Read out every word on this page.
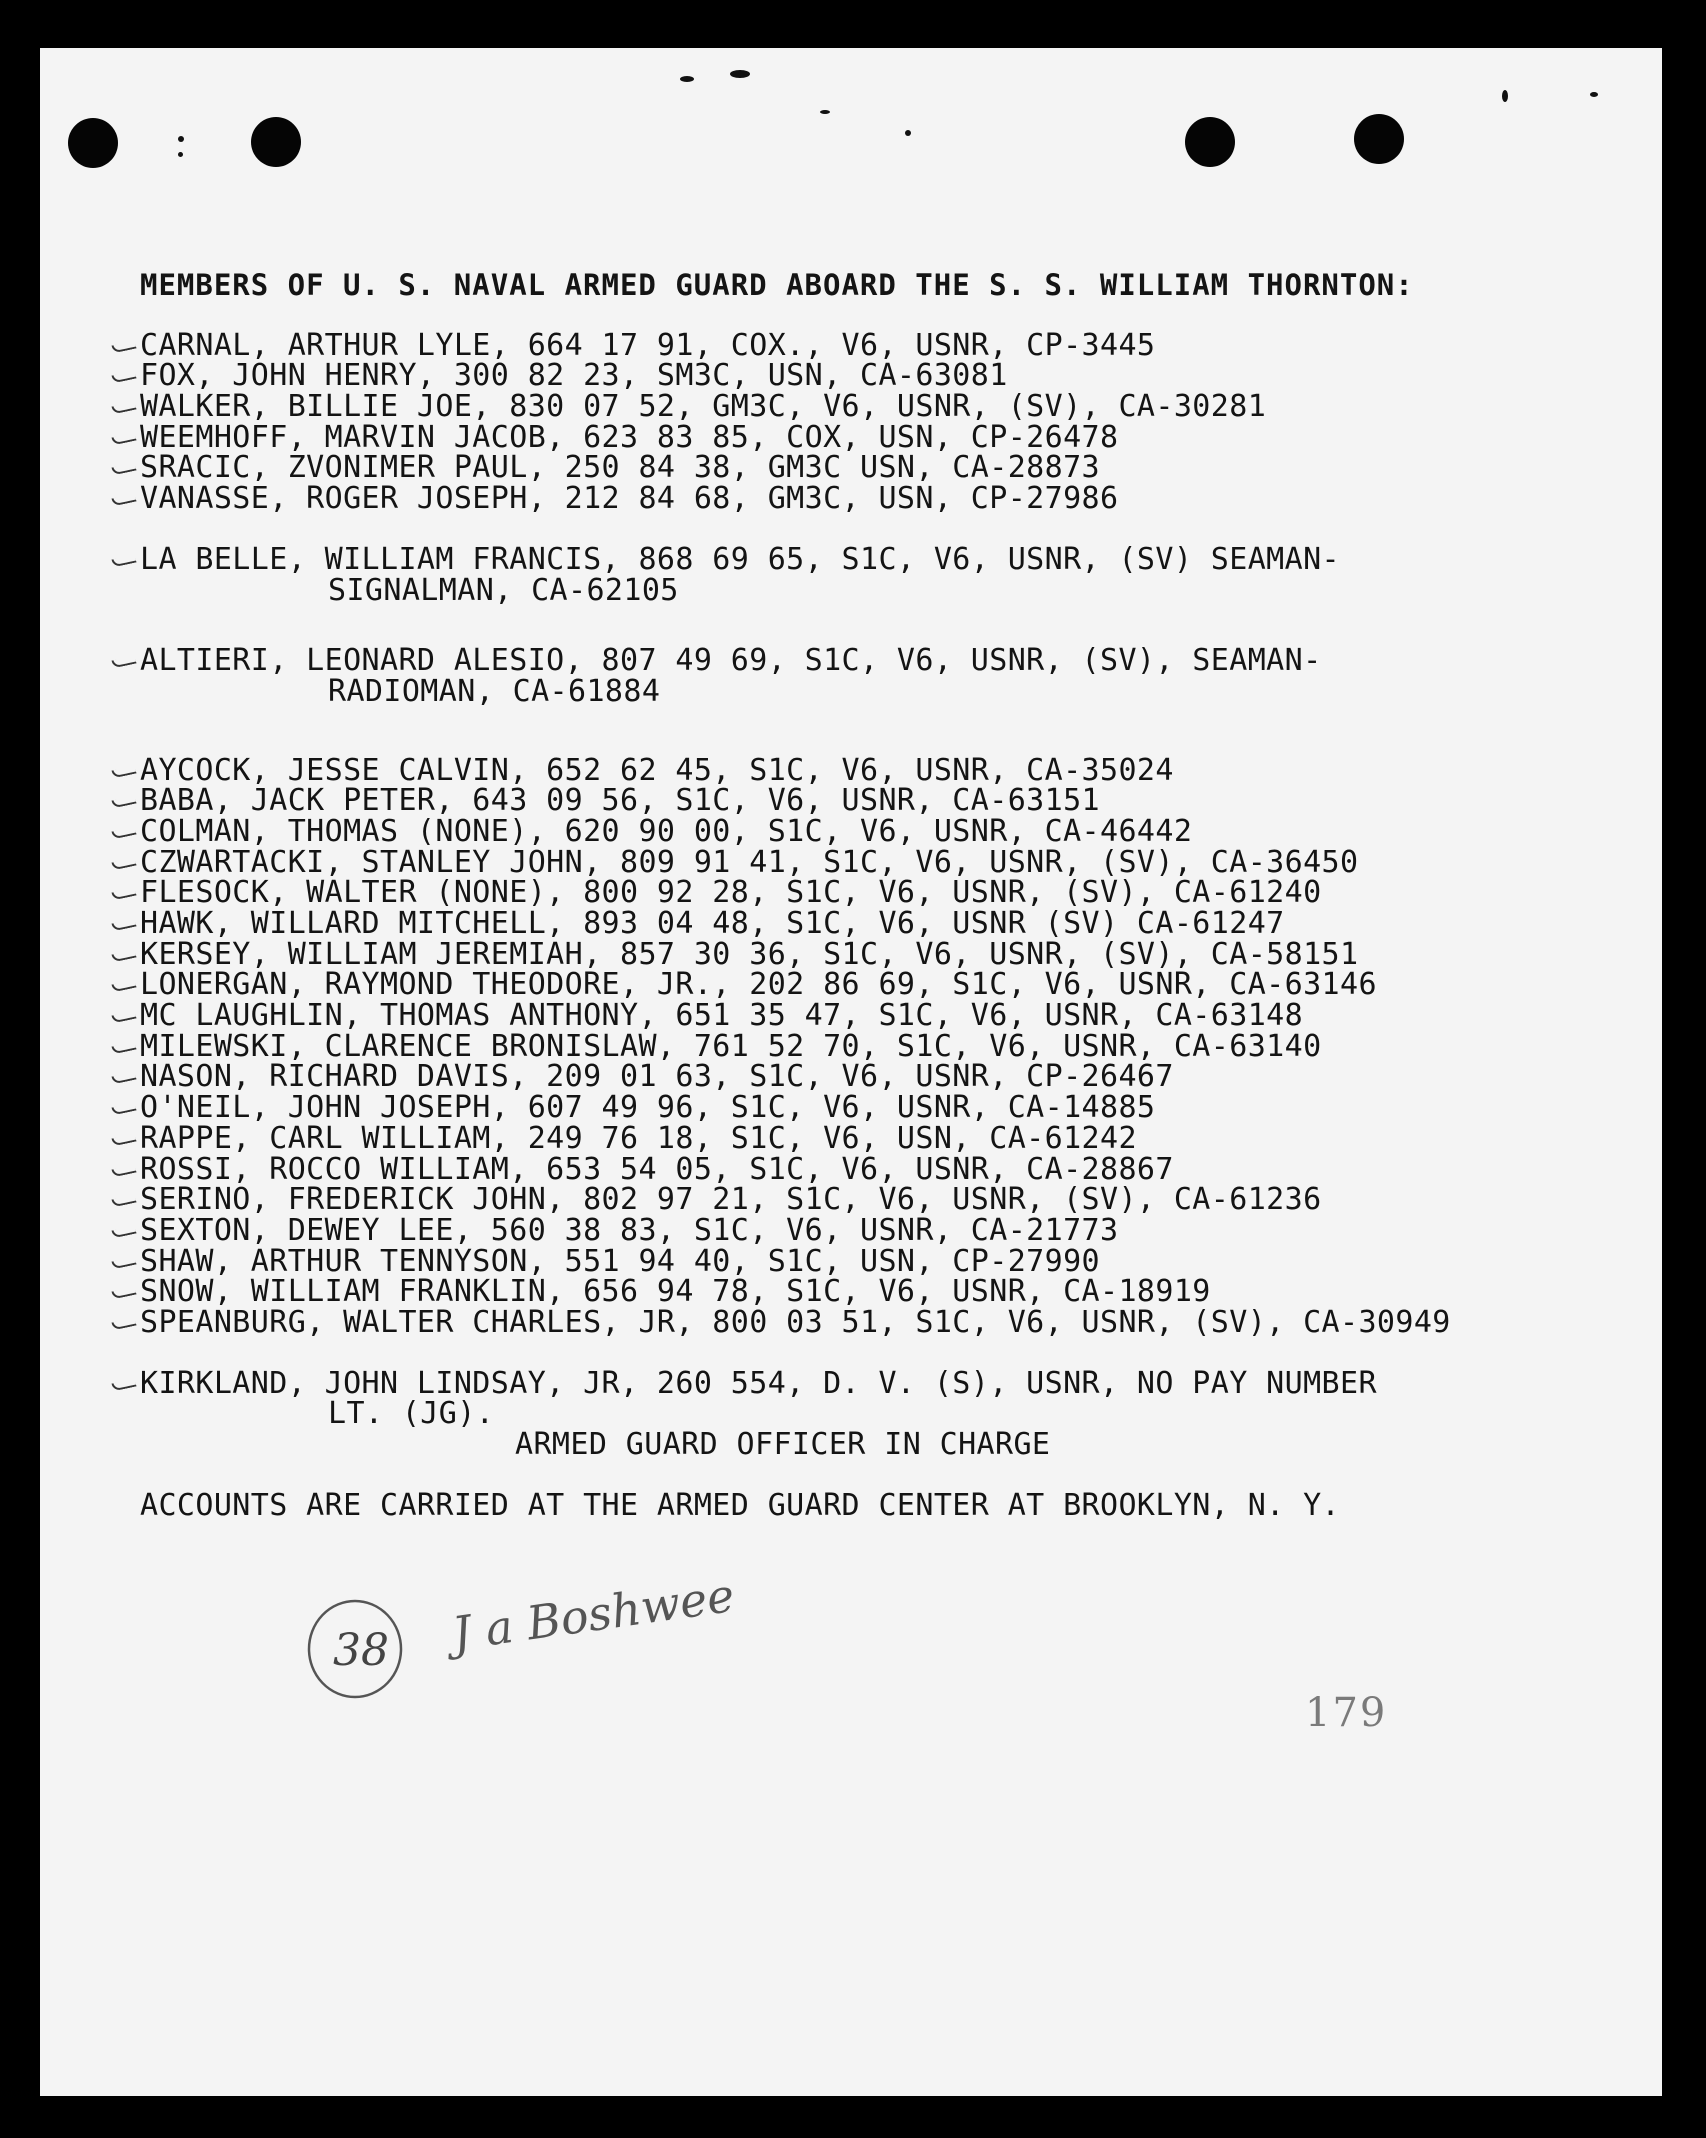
MEMBERS OF U. S. NAVAL ARMED GUARD ABOARD THE S. S. WILLIAM THORNTON:
CARNAL, ARTHUR LYLE, 664 17 91, COX., V6, USNR, CP-3445
FOX, JOHN HENRY, 300 82 23, SM3C, USN, CA-63081
WALKER, BILLIE JOE, 830 07 52, GM3C, V6, USNR, (SV), CA-30281
WEEMHOFF, MARVIN JACOB, 623 83 85, COX, USN, CP-26478
SRACIC, ZVONIMER PAUL, 250 84 38, GM3C USN, CA-28873
VANASSE, ROGER JOSEPH, 212 84 68, GM3C, USN, CP-27986
LA BELLE, WILLIAM FRANCIS, 868 69 65, S1C, V6, USNR, (SV) SEAMAN-
SIGNALMAN, CA-62105
ALTIERI, LEONARD ALESIO, 807 49 69, S1C, V6, USNR, (SV), SEAMAN-
RADIOMAN, CA-61884
AYCOCK, JESSE CALVIN, 652 62 45, S1C, V6, USNR, CA-35024
BABA, JACK PETER, 643 09 56, S1C, V6, USNR, CA-63151
COLMAN, THOMAS (NONE), 620 90 00, S1C, V6, USNR, CA-46442
CZWARTACKI, STANLEY JOHN, 809 91 41, S1C, V6, USNR, (SV), CA-36450
FLESOCK, WALTER (NONE), 800 92 28, S1C, V6, USNR, (SV), CA-61240
HAWK, WILLARD MITCHELL, 893 04 48, S1C, V6, USNR (SV) CA-61247
KERSEY, WILLIAM JEREMIAH, 857 30 36, S1C, V6, USNR, (SV), CA-58151
LONERGAN, RAYMOND THEODORE, JR., 202 86 69, S1C, V6, USNR, CA-63146
MC LAUGHLIN, THOMAS ANTHONY, 651 35 47, S1C, V6, USNR, CA-63148
MILEWSKI, CLARENCE BRONISLAW, 761 52 70, S1C, V6, USNR, CA-63140
NASON, RICHARD DAVIS, 209 01 63, S1C, V6, USNR, CP-26467
O'NEIL, JOHN JOSEPH, 607 49 96, S1C, V6, USNR, CA-14885
RAPPE, CARL WILLIAM, 249 76 18, S1C, V6, USN, CA-61242
ROSSI, ROCCO WILLIAM, 653 54 05, S1C, V6, USNR, CA-28867
SERINO, FREDERICK JOHN, 802 97 21, S1C, V6, USNR, (SV), CA-61236
SEXTON, DEWEY LEE, 560 38 83, S1C, V6, USNR, CA-21773
SHAW, ARTHUR TENNYSON, 551 94 40, S1C, USN, CP-27990
SNOW, WILLIAM FRANKLIN, 656 94 78, S1C, V6, USNR, CA-18919
SPEANBURG, WALTER CHARLES, JR, 800 03 51, S1C, V6, USNR, (SV), CA-30949
KIRKLAND, JOHN LINDSAY, JR, 260 554, D. V. (S), USNR, NO PAY NUMBER
LT. (JG).
ARMED GUARD OFFICER IN CHARGE
ACCOUNTS ARE CARRIED AT THE ARMED GUARD CENTER AT BROOKLYN, N. Y.
38 J a Boshwee
179
